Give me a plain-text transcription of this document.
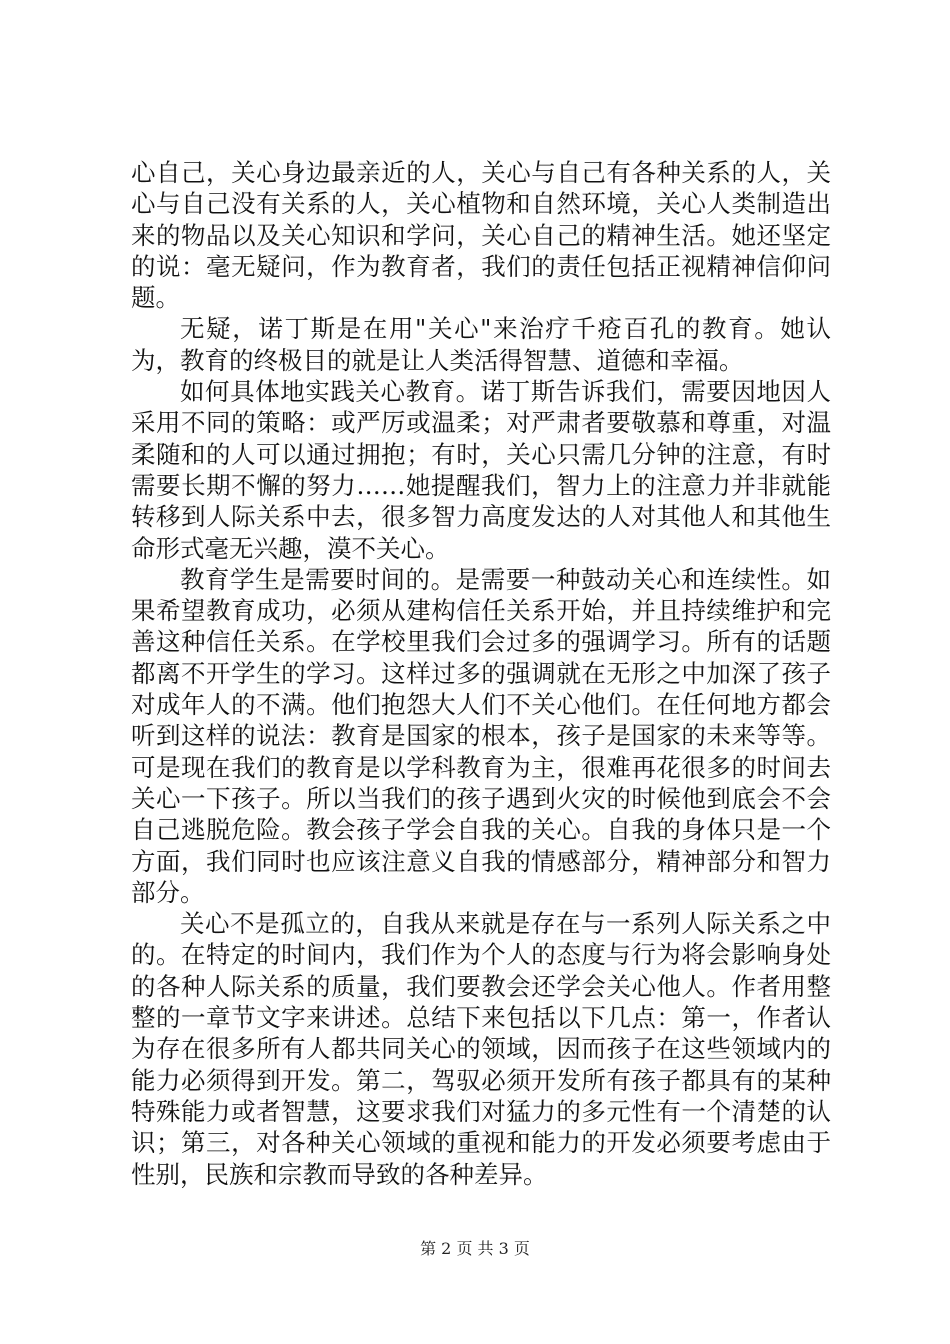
心自己，关心身边最亲近的人，关心与自己有各种关系的人，关心与自己没有关系的人，关心植物和自然环境，关心人类制造出来的物品以及关心知识和学问，关心自己的精神生活。她还坚定的说：毫无疑问，作为教育者，我们的责任包括正视精神信仰问题。

无疑，诺丁斯是在用"关心"来治疗千疮百孔的教育。她认为，教育的终极目的就是让人类活得智慧、道德和幸福。

如何具体地实践关心教育。诺丁斯告诉我们，需要因地因人采用不同的策略：或严厉或温柔；对严肃者要敬慕和尊重，对温柔随和的人可以通过拥抱；有时，关心只需几分钟的注意，有时需要长期不懈的努力……她提醒我们，智力上的注意力并非就能转移到人际关系中去，很多智力高度发达的人对其他人和其他生命形式毫无兴趣，漠不关心。

教育学生是需要时间的。是需要一种鼓动关心和连续性。如果希望教育成功，必须从建构信任关系开始，并且持续维护和完善这种信任关系。在学校里我们会过多的强调学习。所有的话题都离不开学生的学习。这样过多的强调就在无形之中加深了孩子对成年人的不满。他们抱怨大人们不关心他们。在任何地方都会听到这样的说法：教育是国家的根本，孩子是国家的未来等等。可是现在我们的教育是以学科教育为主，很难再花很多的时间去关心一下孩子。所以当我们的孩子遇到火灾的时候他到底会不会自己逃脱危险。教会孩子学会自我的关心。自我的身体只是一个方面，我们同时也应该注意义自我的情感部分，精神部分和智力部分。

关心不是孤立的，自我从来就是存在与一系列人际关系之中的。在特定的时间内，我们作为个人的态度与行为将会影响身处的各种人际关系的质量，我们要教会还学会关心他人。作者用整整的一章节文字来讲述。总结下来包括以下几点：第一，作者认为存在很多所有人都共同关心的领域，因而孩子在这些领域内的能力必须得到开发。第二，驾驭必须开发所有孩子都具有的某种特殊能力或者智慧，这要求我们对猛力的多元性有一个清楚的认识；第三，对各种关心领域的重视和能力的开发必须要考虑由于性别，民族和宗教而导致的各种差异。

第 2 页 共 3 页
